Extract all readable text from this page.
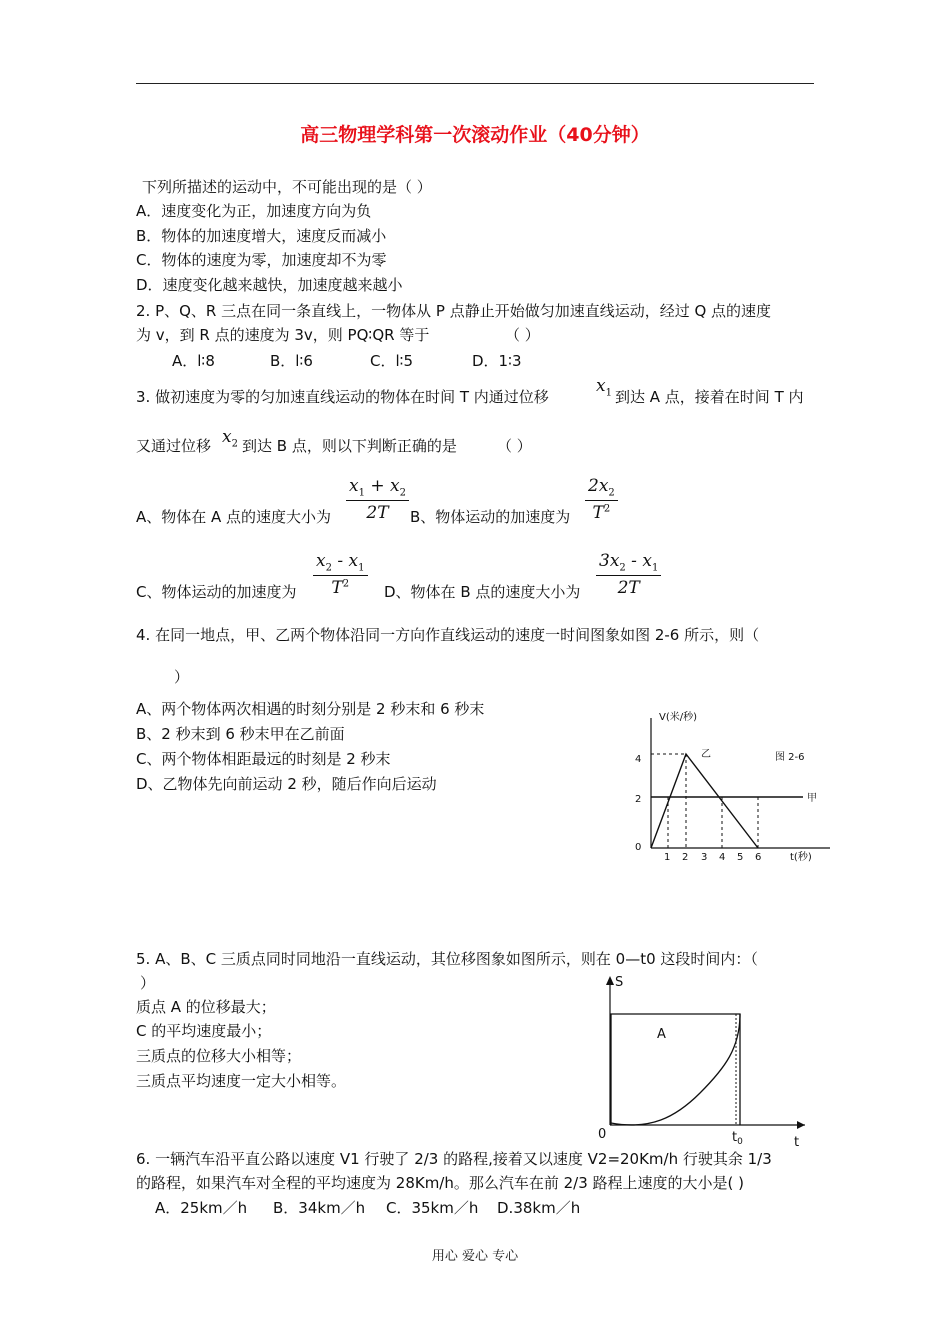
高三物理学科第一次滚动作业（40分钟）
下列所描述的运动中，不可能出现的是（ ）
A．速度变化为正，加速度方向为负
B．物体的加速度增大，速度反而减小
C．物体的速度为零，加速度却不为零
D．速度变化越来越快，加速度越来越小
2. P、Q、R 三点在同一条直线上，一物体从 P 点静止开始做匀加速直线运动，经过 Q 点的速度
为 v，到 R 点的速度为 3v，则 PQ∶QR 等于	（ ）
A．l∶8	B．l∶6	C．l∶5	D．1∶3
3. 做初速度为零的匀加速直线运动的物体在时间 T 内通过位移
$x_1$ 到达 A 点，接着在时间 T 内
又通过位移 $x_2$ 到达 B 点，则以下判断正确的是	（ ）
A、物体在 A 点的速度大小为
$x_1 + x_2$
2T	B、物体运动的加速度为
$2x_2$
$T^2$
C、物体运动的加速度为
$x_2 - x_1$
$T^2$	D、物体在 B 点的速度大小为
$3x_2 - x_1$
2T
4. 在同一地点，甲、乙两个物体沿同一方向作直线运动的速度一时间图象如图 2-6 所示，则（
）
A、两个物体两次相遇的时刻分别是 2 秒末和 6 秒末
B、2 秒末到 6 秒末甲在乙前面
C、两个物体相距最远的时刻是 2 秒末
D、乙物体先向前运动 2 秒，随后作向后运动
V(米/秒)
t(秒)
图 2-6
4
2
0
1 2 3 4 5 6
甲
乙
5. A、B、C 三质点同时同地沿一直线运动，其位移图象如图所示，则在 0—t0 这段时间内：（
）
质点 A 的位移最大；
C 的平均速度最小；
三质点的位移大小相等；
三质点平均速度一定大小相等。
S
t
0	$t_0$
A
6. 一辆汽车沿平直公路以速度 V1 行驶了 2/3 的路程,接着又以速度 V2=20Km/h 行驶其余 1/3
的路程，如果汽车对全程的平均速度为 28Km/h。那么汽车在前 2/3 路程上速度的大小是( )
A．25km／h B．34km／h C．35km／h D.38km／h
用心 爱心 专心
